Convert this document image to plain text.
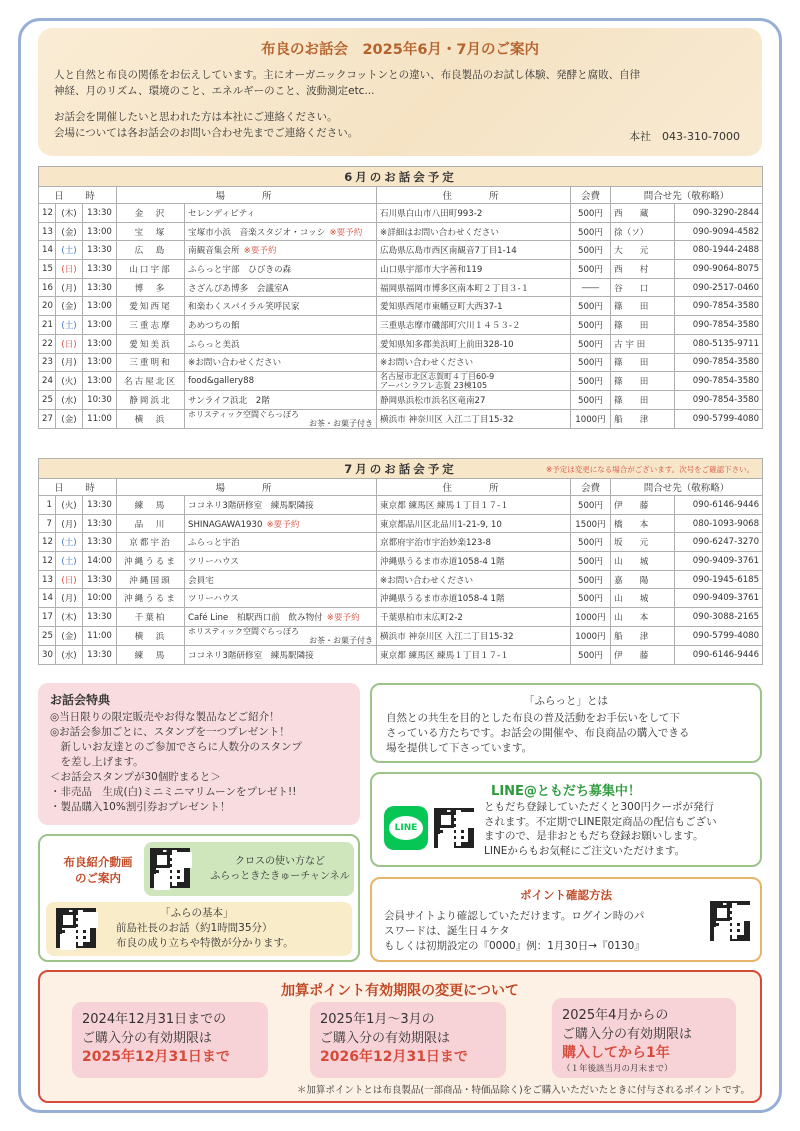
布良のお話会　2025年6月・7月のご案内

人と自然と布良の関係をお伝えしています。主にオーガニックコットンとの違い、布良製品のお試し体験、発酵と腐敗、自律

神経、月のリズム、環境のこと、エネルギーのこと、波動測定etc...

お話会を開催したいと思われた方は本社にご連絡ください。

会場については各お話会のお問い合わせ先までご連絡ください。	本社　043-310-7000
6月のお話会予定								
日　時			場　　所		住　　所	会費	問合せ先（敬称略）	
12	(木)	13:30	金　沢	セレンディピティ	石川県白山市八田町993-2	500円	西　　蔵	090-3290-2844
13	(金)	13:00	宝　塚	宝塚市小浜　音楽スタジオ・コッシ ※要予約	※詳細はお問い合わせください	500円	徐（ソ）	090-9094-4582
14	(土)	13:30	広　島	南観音集会所 ※要予約	広島県広島市西区南観音7丁目1-14	500円	大　　元	080-1944-2488
15	(日)	13:30	山口宇部	ふらっと宇部　ひびきの森	山口県宇部市大字善和119	500円	西　　村	090-9064-8075
16	(月)	13:30	博　多	さざんぴあ博多　会議室A	福岡県福岡市博多区南本町２丁目３-１	――	谷　　口	090-2517-0460
20	(金)	13:00	愛知西尾	和楽わくスパイラル笑呼民家	愛知県西尾市東幡豆町大西37-1	500円	篠　　田	090-7854-3580
21	(土)	13:00	三重志摩	あめつちの館	三重県志摩市磯部町穴川１４５３-２	500円	篠　　田	090-7854-3580
22	(日)	13:00	愛知美浜	ふらっと美浜	愛知県知多郡美浜町上前田328-10	500円	古 宇 田	080-5135-9711
23	(月)	13:00	三重明和	※お問い合わせください	※お問い合わせください	500円	篠　　田	090-7854-3580
24	(火)	13:00	名古屋北区	food&gallery88	名古屋市北区志賀町４丁目60-9
アーバンラフレ志賀 23棟105	500円	篠　　田	090-7854-3580
25	(水)	10:30	静岡浜北	サンライフ浜北　2階	静岡県浜松市浜名区竜南27	500円	篠　　田	090-7854-3580
27	(金)	11:00	横　浜	ホリスティック空間ぐらっぽろ
お茶・お菓子付き	横浜市 神奈川区 入江二丁目15-32	1000円	船　　津	090-5799-4080
7月のお話会予定 ※予定は変更になる場合がございます。次号をご確認下さい。								

日　時			場　　所		住　　所	会費	問合せ先（敬称略）	
1	(火)	13:30	練　馬	ココネリ3階研修室　練馬駅隣接	東京都 練馬区 練馬１丁目１７-１	500円	伊　　藤	090-6146-9446
7	(月)	13:30	品　川	SHINAGAWA1930 ※要予約	東京都品川区北品川1-21-9, 10	1500円	橋　　本	080-1093-9068
12	(土)	13:30	京都宇治	ふらっと宇治	京都府宇治市宇治妙楽123-8	500円	坂　　元	090-6247-3270
12	(土)	14:00	沖縄うるま	ツリーハウス	沖縄県うるま市赤道1058-4 1階	500円	山　　城	090-9409-3761
13	(日)	13:30	沖縄国頭	会員宅	※お問い合わせください	500円	嘉　　陽	090-1945-6185
14	(月)	10:00	沖縄うるま	ツリーハウス	沖縄県うるま市赤道1058-4 1階	500円	山　　城	090-9409-3761
17	(木)	13:30	千葉柏	Café Line　柏駅西口前　飲み物付 ※要予約	千葉県柏市末広町2-2	1000円	山　　本	090-3088-2165
25	(金)	11:00	横　浜	ホリスティック空間ぐらっぽろ
お茶・お菓子付き	横浜市 神奈川区 入江二丁目15-32	1000円	船　　津	090-5799-4080
30	(水)	13:30	練　馬	ココネリ3階研修室　練馬駅隣接	東京都 練馬区 練馬１丁目１７-１	500円	伊　　藤	090-6146-9446
お話会特典
◎当日限りの限定販売やお得な製品などご紹介！
◎お話会参加ごとに、スタンプを一つプレゼント！
　新しいお友達とのご参加でさらに人数分のスタンプ
　を差し上げます。
＜お話会スタンプが30個貯まると＞
・非売品　生成(白)ミニミニマリムーンをプレゼト!!
・製品購入10%割引券おプレゼント！
布良紹介動画
のご案内
クロスの使い方など
ふらっときたきゅーチャンネル
「ふらの基本」
前島社長のお話（約1時間35分）
布良の成り立ちや特徴が分かります。
「ふらっと」とは
自然との共生を目的とした布良の普及活動をお手伝いをして下
さっている方たちです。お話会の開催や、布良商品の購入できる
場を提供して下さっています。
LINE@ともだち募集中！
LINE
ともだち登録していただくと300円クーポが発行
されます。不定期でLINE限定商品の配信もござい
ますので、是非おともだち登録お願いします。
LINEからもお気軽にご注文いただけます。
ポイント確認方法
会員サイトより確認していただけます。ログイン時のパ
スワードは、誕生日４ケタ
もしくは初期設定の『0000』例：1月30日→『0130』
加算ポイント有効期限の変更について
2024年12月31日までの
ご購入分の有効期限は
2025年12月31日まで
2025年1月～3月の
ご購入分の有効期限は
2026年12月31日まで
2025年4月からの
ご購入分の有効期限は
購入してから1年
（１年後該当月の月末まで）
＊加算ポイントとは布良製品(一部商品・特価品除く)をご購入いただいたときに付与されるポイントです。
